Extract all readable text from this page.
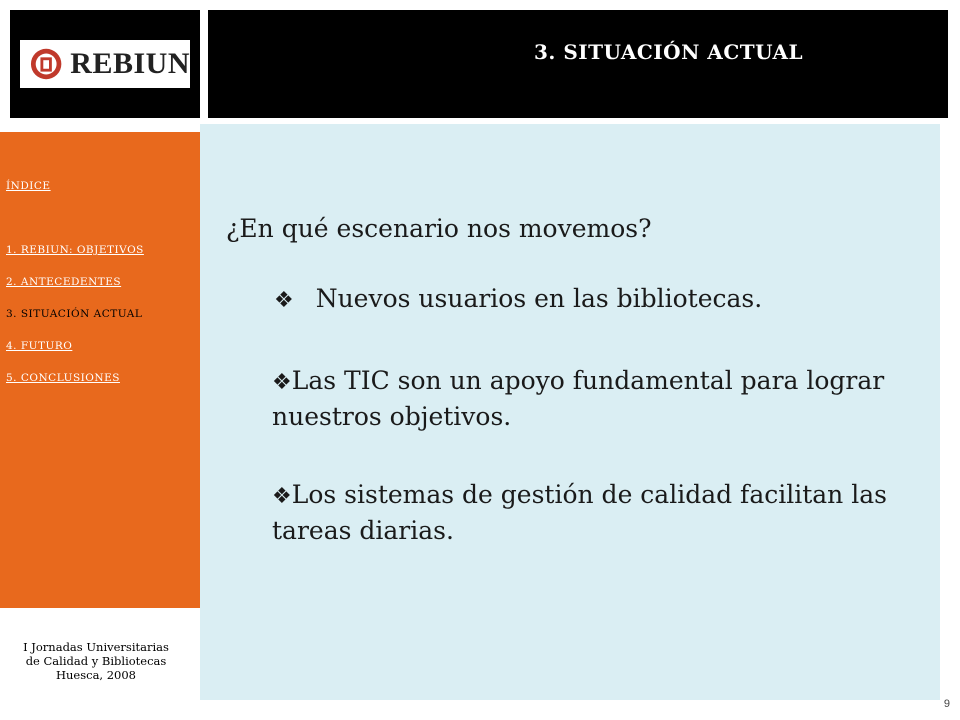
REBIUN	3. SITUACIÓN ACTUAL
ÍNDICE
1. REBIUN: OBJETIVOS
2. ANTECEDENTES
3. SITUACIÓN ACTUAL
4. FUTURO
5. CONCLUSIONES
I Jornadas Universitarias
de Calidad y Bibliotecas
Huesca, 2008
¿En qué escenario nos movemos?
❖ Nuevos usuarios en las bibliotecas.
❖Las TIC son un apoyo fundamental para lograr nuestros objetivos.
❖Los sistemas de gestión de calidad facilitan las tareas diarias.
9
